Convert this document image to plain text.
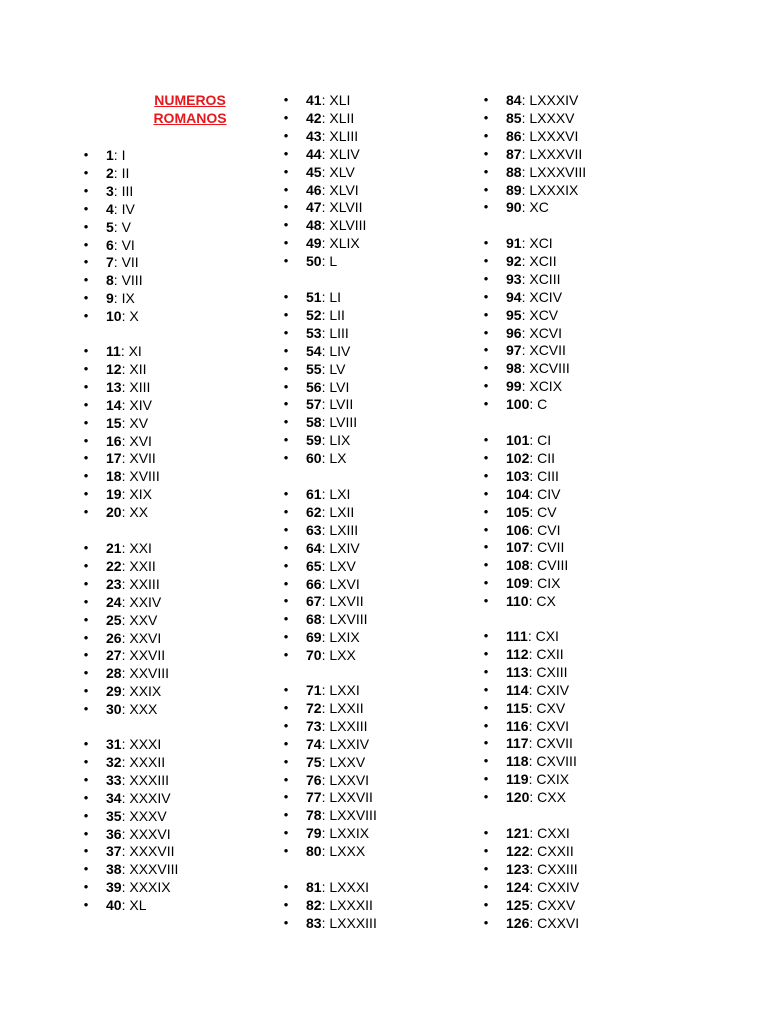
NUMEROS
ROMANOS
• 1: I
• 2: II
• 3: III
• 4: IV
• 5: V
• 6: VI
• 7: VII
• 8: VIII
• 9: IX
• 10: X
• 11: XI
• 12: XII
• 13: XIII
• 14: XIV
• 15: XV
• 16: XVI
• 17: XVII
• 18: XVIII
• 19: XIX
• 20: XX
• 21: XXI
• 22: XXII
• 23: XXIII
• 24: XXIV
• 25: XXV
• 26: XXVI
• 27: XXVII
• 28: XXVIII
• 29: XXIX
• 30: XXX
• 31: XXXI
• 32: XXXII
• 33: XXXIII
• 34: XXXIV
• 35: XXXV
• 36: XXXVI
• 37: XXXVII
• 38: XXXVIII
• 39: XXXIX
• 40: XL
• 41: XLI
• 42: XLII
• 43: XLIII
• 44: XLIV
• 45: XLV
• 46: XLVI
• 47: XLVII
• 48: XLVIII
• 49: XLIX
• 50: L
• 51: LI
• 52: LII
• 53: LIII
• 54: LIV
• 55: LV
• 56: LVI
• 57: LVII
• 58: LVIII
• 59: LIX
• 60: LX
• 61: LXI
• 62: LXII
• 63: LXIII
• 64: LXIV
• 65: LXV
• 66: LXVI
• 67: LXVII
• 68: LXVIII
• 69: LXIX
• 70: LXX
• 71: LXXI
• 72: LXXII
• 73: LXXIII
• 74: LXXIV
• 75: LXXV
• 76: LXXVI
• 77: LXXVII
• 78: LXXVIII
• 79: LXXIX
• 80: LXXX
• 81: LXXXI
• 82: LXXXII
• 83: LXXXIII
• 84: LXXXIV
• 85: LXXXV
• 86: LXXXVI
• 87: LXXXVII
• 88: LXXXVIII
• 89: LXXXIX
• 90: XC
• 91: XCI
• 92: XCII
• 93: XCIII
• 94: XCIV
• 95: XCV
• 96: XCVI
• 97: XCVII
• 98: XCVIII
• 99: XCIX
• 100: C
• 101: CI
• 102: CII
• 103: CIII
• 104: CIV
• 105: CV
• 106: CVI
• 107: CVII
• 108: CVIII
• 109: CIX
• 110: CX
• 111: CXI
• 112: CXII
• 113: CXIII
• 114: CXIV
• 115: CXV
• 116: CXVI
• 117: CXVII
• 118: CXVIII
• 119: CXIX
• 120: CXX
• 121: CXXI
• 122: CXXII
• 123: CXXIII
• 124: CXXIV
• 125: CXXV
• 126: CXXVI
